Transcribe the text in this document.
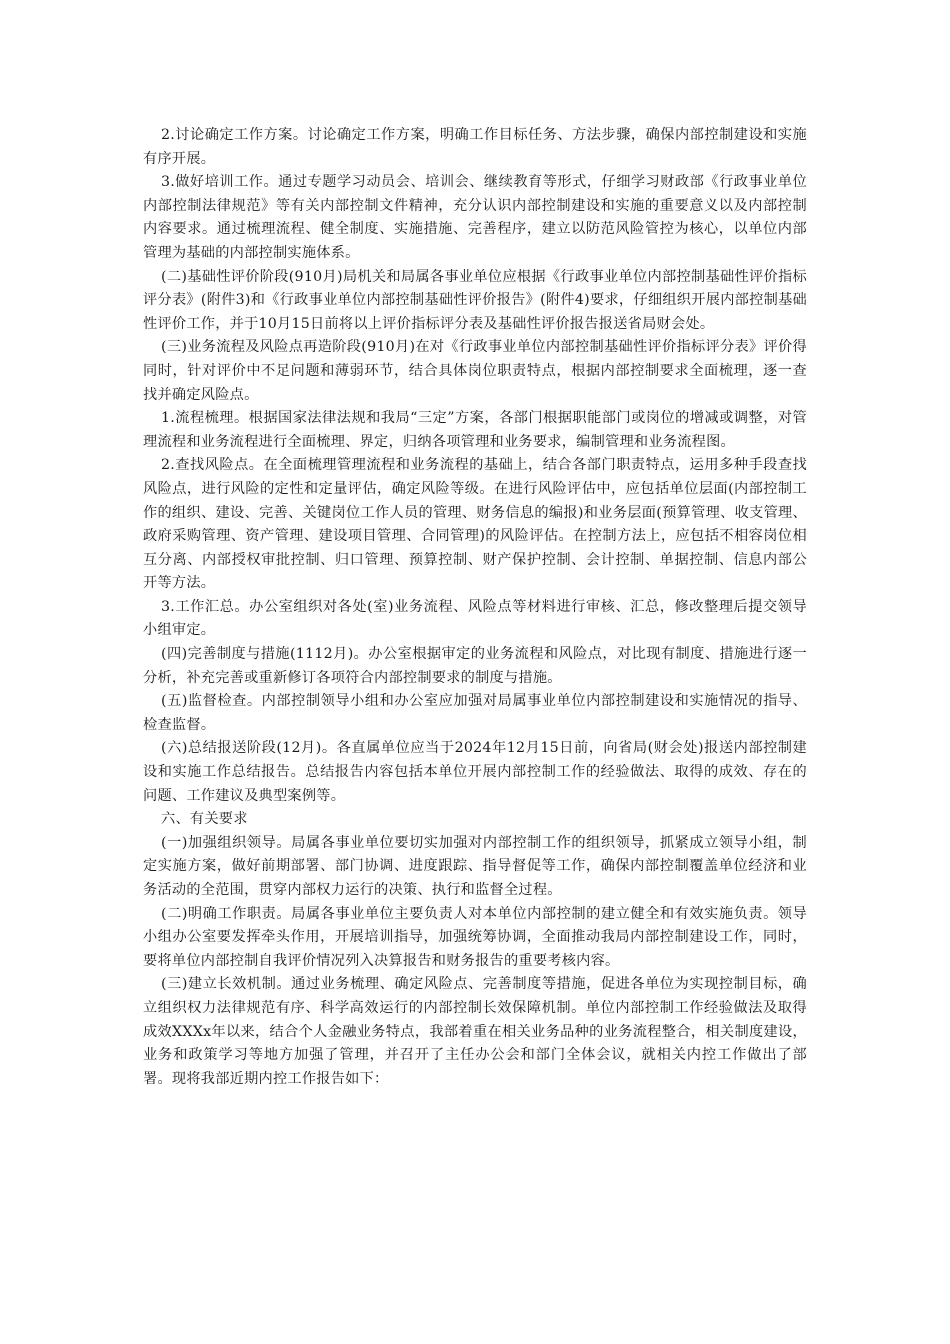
2.讨论确定工作方案。讨论确定工作方案，明确工作目标任务、方法步骤，确保内部控制建设和实施有序开展。

3.做好培训工作。通过专题学习动员会、培训会、继续教育等形式，仔细学习财政部《行政事业单位内部控制法律规范》等有关内部控制文件精神，充分认识内部控制建设和实施的重要意义以及内部控制内容要求。通过梳理流程、健全制度、实施措施、完善程序，建立以防范风险管控为核心，以单位内部管理为基础的内部控制实施体系。

(二)基础性评价阶段(910月)局机关和局属各事业单位应根据《行政事业单位内部控制基础性评价指标评分表》(附件3)和《行政事业单位内部控制基础性评价报告》(附件4)要求，仔细组织开展内部控制基础性评价工作，并于10月15日前将以上评价指标评分表及基础性评价报告报送省局财会处。

(三)业务流程及风险点再造阶段(910月)在对《行政事业单位内部控制基础性评价指标评分表》评价得同时，针对评价中不足问题和薄弱环节，结合具体岗位职责特点，根据内部控制要求全面梳理，逐一查找并确定风险点。

1.流程梳理。根据国家法律法规和我局“三定”方案，各部门根据职能部门或岗位的增减或调整，对管理流程和业务流程进行全面梳理、界定，归纳各项管理和业务要求，编制管理和业务流程图。

2.查找风险点。在全面梳理管理流程和业务流程的基础上，结合各部门职责特点，运用多种手段查找风险点，进行风险的定性和定量评估，确定风险等级。在进行风险评估中，应包括单位层面(内部控制工作的组织、建设、完善、关键岗位工作人员的管理、财务信息的编报)和业务层面(预算管理、收支管理、政府采购管理、资产管理、建设项目管理、合同管理)的风险评估。在控制方法上，应包括不相容岗位相互分离、内部授权审批控制、归口管理、预算控制、财产保护控制、会计控制、单据控制、信息内部公开等方法。

3.工作汇总。办公室组织对各处(室)业务流程、风险点等材料进行审核、汇总，修改整理后提交领导小组审定。

(四)完善制度与措施(1112月)。办公室根据审定的业务流程和风险点，对比现有制度、措施进行逐一分析，补充完善或重新修订各项符合内部控制要求的制度与措施。

(五)监督检查。内部控制领导小组和办公室应加强对局属事业单位内部控制建设和实施情况的指导、检查监督。

(六)总结报送阶段(12月)。各直属单位应当于2024年12月15日前，向省局(财会处)报送内部控制建设和实施工作总结报告。总结报告内容包括本单位开展内部控制工作的经验做法、取得的成效、存在的问题、工作建议及典型案例等。

六、有关要求

(一)加强组织领导。局属各事业单位要切实加强对内部控制工作的组织领导，抓紧成立领导小组，制定实施方案，做好前期部署、部门协调、进度跟踪、指导督促等工作，确保内部控制覆盖单位经济和业务活动的全范围，贯穿内部权力运行的决策、执行和监督全过程。

(二)明确工作职责。局属各事业单位主要负责人对本单位内部控制的建立健全和有效实施负责。领导小组办公室要发挥牵头作用，开展培训指导，加强统筹协调，全面推动我局内部控制建设工作，同时，要将单位内部控制自我评价情况列入决算报告和财务报告的重要考核内容。

(三)建立长效机制。通过业务梳理、确定风险点、完善制度等措施，促进各单位为实现控制目标，确立组织权力法律规范有序、科学高效运行的内部控制长效保障机制。单位内部控制工作经验做法及取得成效XXXx年以来，结合个人金融业务特点，我部着重在相关业务品种的业务流程整合，相关制度建设，业务和政策学习等地方加强了管理，并召开了主任办公会和部门全体会议，就相关内控工作做出了部署。现将我部近期内控工作报告如下：
